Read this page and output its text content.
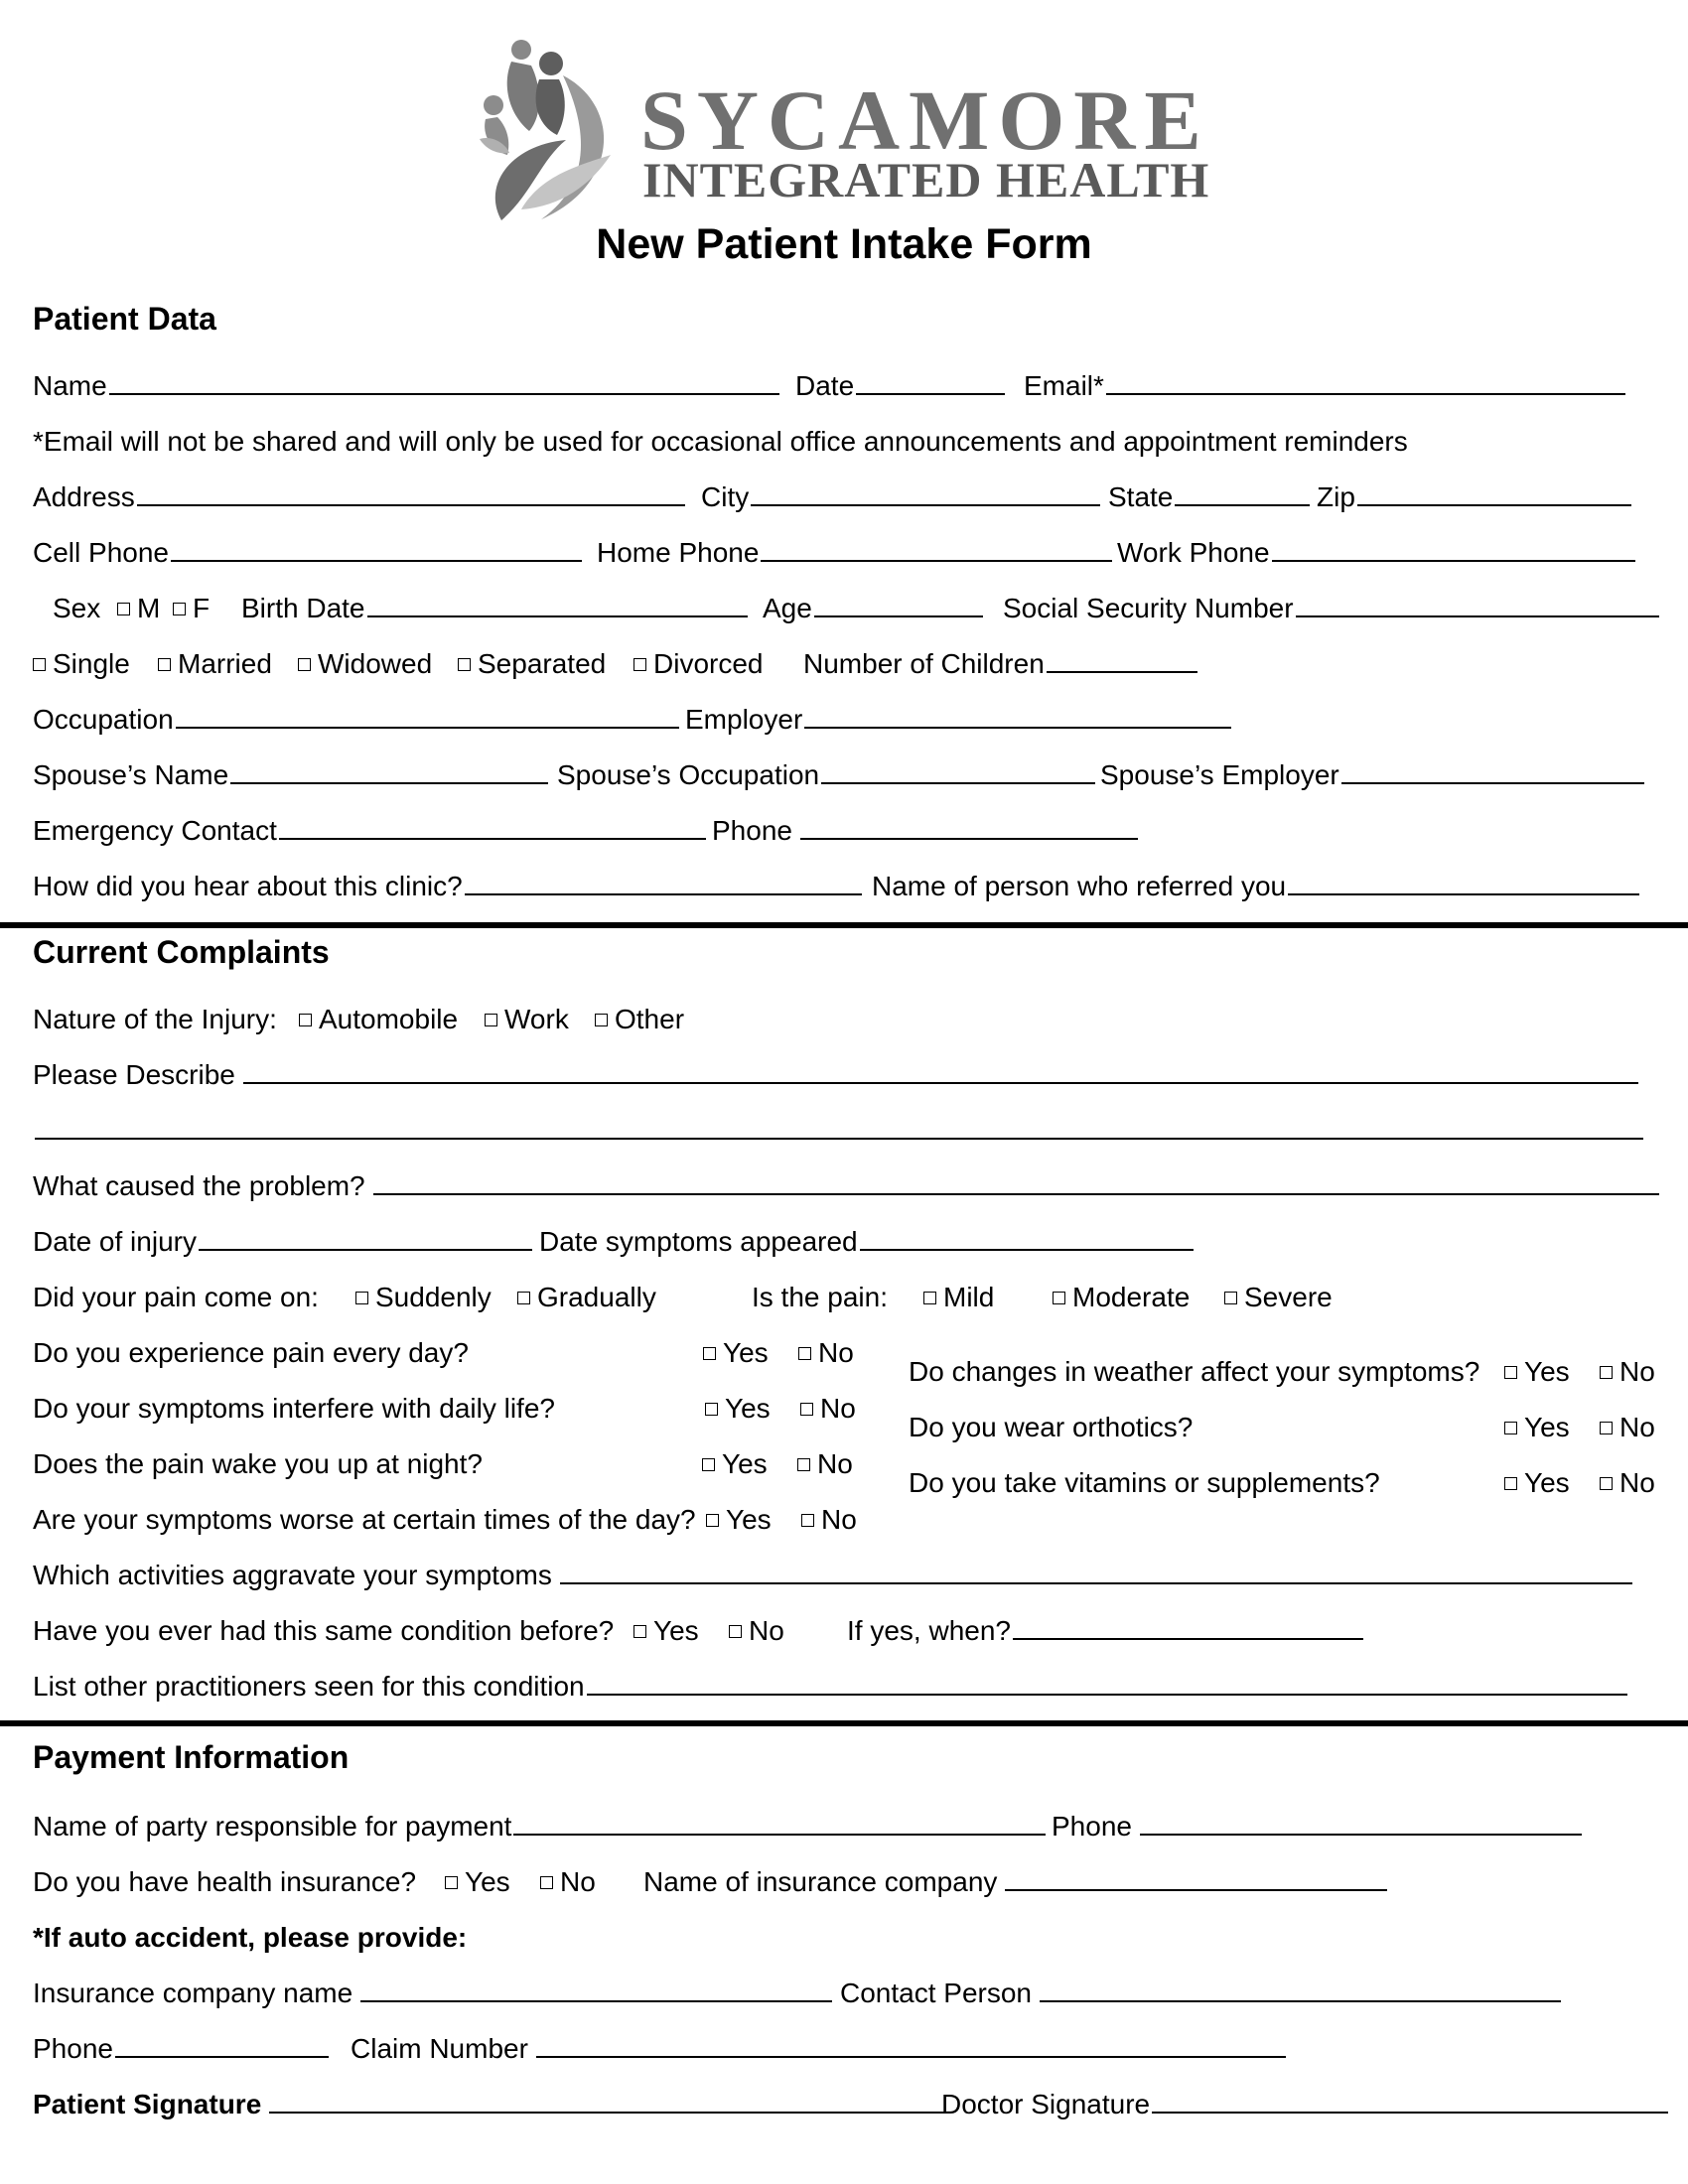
SYCAMORE
INTEGRATED HEALTH
New Patient Intake Form
Patient Data
Name	Date	Email*
*Email will not be shared and will only be used for occasional office announcements and appointment reminders
Address	City	State	Zip
Cell Phone	Home Phone	Work Phone
Sex	M	F Birth Date	Age	Social Security Number
Single	Married	Widowed	Separated	Divorced Number of Children
Occupation	Employer
Spouse’s Name	Spouse’s Occupation	Spouse’s Employer
Emergency Contact	Phone
How did you hear about this clinic?	Name of person who referred you
Current Complaints
Nature of the Injury:	Automobile	Work	Other
Please Describe
What caused the problem?
Date of injury	Date symptoms appeared
Did your pain come on:	Suddenly	Gradually	Is the pain:	Mild	Moderate	Severe
Do you experience pain every day?	Yes	No
Do your symptoms interfere with daily life?	Yes	No
Does the pain wake you up at night?	Yes	No
Are your symptoms worse at certain times of the day?	Yes	No
Do changes in weather affect your symptoms?	Yes	No
Do you wear orthotics?	Yes	No
Do you take vitamins or supplements?	Yes	No
Which activities aggravate your symptoms
Have you ever had this same condition before?	Yes	No If yes, when?
List other practitioners seen for this condition
Payment Information
Name of party responsible for payment	Phone
Do you have health insurance?	Yes	No Name of insurance company
*If auto accident, please provide:
Insurance company name	Contact Person
Phone	Claim Number
Patient Signature	Doctor Signature
